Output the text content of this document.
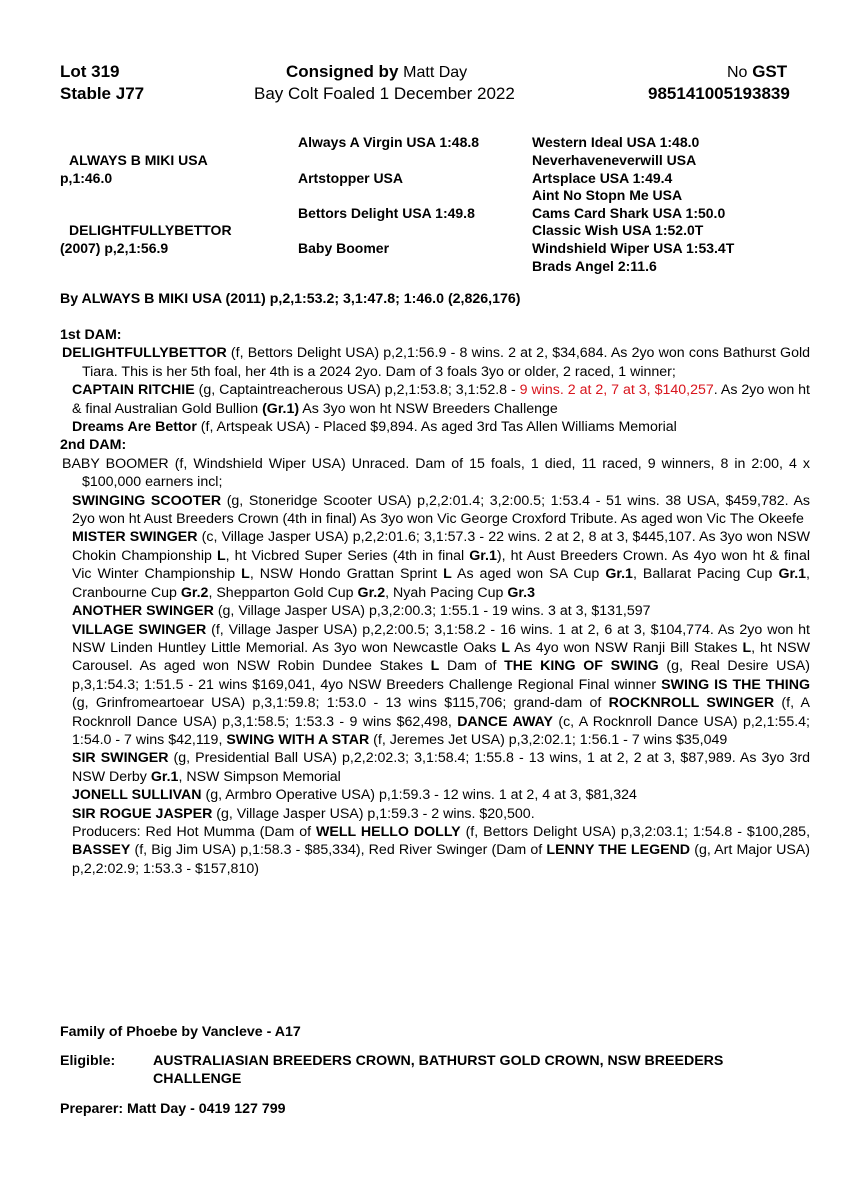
Lot 319
Stable J77
Consigned by Matt Day
Bay Colt Foaled 1 December 2022
No GST
985141005193839
ALWAYS B MIKI USA
p,1:46.0
DELIGHTFULLYBETTOR
(2007) p,2,1:56.9
Always A Virgin USA 1:48.8
Artstopper USA
Bettors Delight USA 1:49.8
Baby Boomer
Western Ideal USA 1:48.0
Neverhaveneverwill USA
Artsplace USA 1:49.4
Aint No Stopn Me USA
Cams Card Shark USA 1:50.0
Classic Wish USA 1:52.0T
Windshield Wiper USA 1:53.4T
Brads Angel 2:11.6
By ALWAYS B MIKI USA (2011) p,2,1:53.2; 3,1:47.8; 1:46.0 (2,826,176)

1st DAM:

DELIGHTFULLYBETTOR (f, Bettors Delight USA) p,2,1:56.9 - 8 wins. 2 at 2, $34,684. As 2yo won cons Bathurst Gold Tiara. This is her 5th foal, her 4th is a 2024 2yo. Dam of 3 foals 3yo or older, 2 raced, 1 winner;

CAPTAIN RITCHIE (g, Captaintreacherous USA) p,2,1:53.8; 3,1:52.8 - 9 wins. 2 at 2, 7 at 3, $140,257. As 2yo won ht & final Australian Gold Bullion (Gr.1) As 3yo won ht NSW Breeders Challenge

Dreams Are Bettor (f, Artspeak USA) - Placed $9,894. As aged 3rd Tas Allen Williams Memorial

2nd DAM:

BABY BOOMER (f, Windshield Wiper USA) Unraced. Dam of 15 foals, 1 died, 11 raced, 9 winners, 8 in 2:00, 4 x $100,000 earners incl;

SWINGING SCOOTER (g, Stoneridge Scooter USA) p,2,2:01.4; 3,2:00.5; 1:53.4 - 51 wins. 38 USA, $459,782. As 2yo won ht Aust Breeders Crown (4th in final) As 3yo won Vic George Croxford Tribute. As aged won Vic The Okeefe

MISTER SWINGER (c, Village Jasper USA) p,2,2:01.6; 3,1:57.3 - 22 wins. 2 at 2, 8 at 3, $445,107. As 3yo won NSW Chokin Championship L, ht Vicbred Super Series (4th in final Gr.1), ht Aust Breeders Crown. As 4yo won ht & final Vic Winter Championship L, NSW Hondo Grattan Sprint L As aged won SA Cup Gr.1, Ballarat Pacing Cup Gr.1, Cranbourne Cup Gr.2, Shepparton Gold Cup Gr.2, Nyah Pacing Cup Gr.3

ANOTHER SWINGER (g, Village Jasper USA) p,3,2:00.3; 1:55.1 - 19 wins. 3 at 3, $131,597

VILLAGE SWINGER (f, Village Jasper USA) p,2,2:00.5; 3,1:58.2 - 16 wins. 1 at 2, 6 at 3, $104,774. As 2yo won ht NSW Linden Huntley Little Memorial. As 3yo won Newcastle Oaks L As 4yo won NSW Ranji Bill Stakes L, ht NSW Carousel. As aged won NSW Robin Dundee Stakes L Dam of THE KING OF SWING (g, Real Desire USA) p,3,1:54.3; 1:51.5 - 21 wins $169,041, 4yo NSW Breeders Challenge Regional Final winner SWING IS THE THING (g, Grinfromeartoear USA) p,3,1:59.8; 1:53.0 - 13 wins $115,706; grand-dam of ROCKNROLL SWINGER (f, A Rocknroll Dance USA) p,3,1:58.5; 1:53.3 - 9 wins $62,498, DANCE AWAY (c, A Rocknroll Dance USA) p,2,1:55.4; 1:54.0 - 7 wins $42,119, SWING WITH A STAR (f, Jeremes Jet USA) p,3,2:02.1; 1:56.1 - 7 wins $35,049

SIR SWINGER (g, Presidential Ball USA) p,2,2:02.3; 3,1:58.4; 1:55.8 - 13 wins, 1 at 2, 2 at 3, $87,989. As 3yo 3rd NSW Derby Gr.1, NSW Simpson Memorial

JONELL SULLIVAN (g, Armbro Operative USA) p,1:59.3 - 12 wins. 1 at 2, 4 at 3, $81,324

SIR ROGUE JASPER (g, Village Jasper USA) p,1:59.3 - 2 wins. $20,500.

Producers: Red Hot Mumma (Dam of WELL HELLO DOLLY (f, Bettors Delight USA) p,3,2:03.1; 1:54.8 - $100,285, BASSEY (f, Big Jim USA) p,1:58.3 - $85,334), Red River Swinger (Dam of LENNY THE LEGEND (g, Art Major USA) p,2,2:02.9; 1:53.3 - $157,810)

Family of Phoebe by Vancleve - A17
Eligible:	AUSTRALIASIAN BREEDERS CROWN, BATHURST GOLD CROWN, NSW BREEDERS CHALLENGE
Preparer: Matt Day - 0419 127 799
